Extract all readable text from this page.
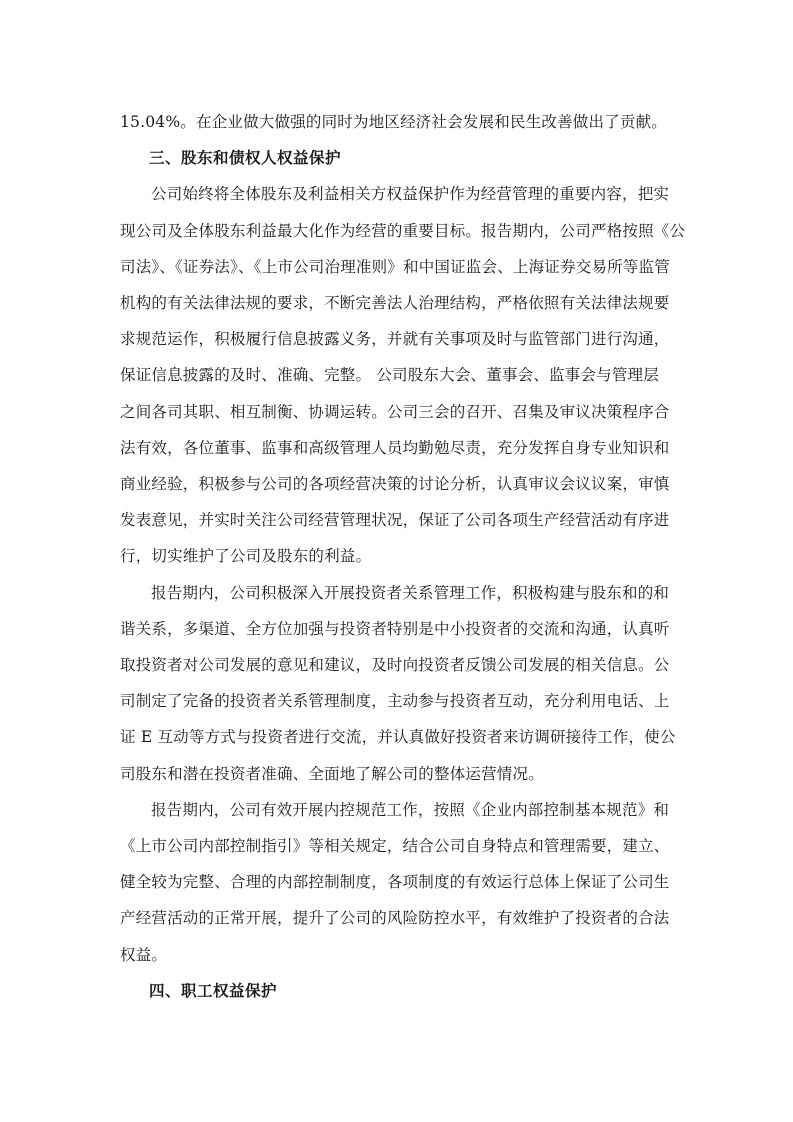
15.04%。在企业做大做强的同时为地区经济社会发展和民生改善做出了贡献。

三、股东和债权人权益保护

公司始终将全体股东及利益相关方权益保护作为经营管理的重要内容，把实

现公司及全体股东利益最大化作为经营的重要目标。报告期内，公司严格按照《公

司法》、《证券法》、《上市公司治理准则》和中国证监会、上海证券交易所等监管

机构的有关法律法规的要求，不断完善法人治理结构，严格依照有关法律法规要

求规范运作，积极履行信息披露义务，并就有关事项及时与监管部门进行沟通，

保证信息披露的及时、准确、完整。 公司股东大会、董事会、监事会与管理层

之间各司其职、相互制衡、协调运转。公司三会的召开、召集及审议决策程序合

法有效，各位董事、监事和高级管理人员均勤勉尽责，充分发挥自身专业知识和

商业经验，积极参与公司的各项经营决策的讨论分析，认真审议会议议案，审慎

发表意见，并实时关注公司经营管理状况，保证了公司各项生产经营活动有序进

行，切实维护了公司及股东的利益。

报告期内，公司积极深入开展投资者关系管理工作，积极构建与股东和的和

谐关系，多渠道、全方位加强与投资者特别是中小投资者的交流和沟通，认真听

取投资者对公司发展的意见和建议，及时向投资者反馈公司发展的相关信息。公

司制定了完备的投资者关系管理制度，主动参与投资者互动，充分利用电话、上

证 E 互动等方式与投资者进行交流，并认真做好投资者来访调研接待工作，使公

司股东和潜在投资者准确、全面地了解公司的整体运营情况。

报告期内，公司有效开展内控规范工作，按照《企业内部控制基本规范》和

《上市公司内部控制指引》等相关规定，结合公司自身特点和管理需要，建立、

健全较为完整、合理的内部控制制度，各项制度的有效运行总体上保证了公司生

产经营活动的正常开展，提升了公司的风险防控水平，有效维护了投资者的合法

权益。

四、职工权益保护
